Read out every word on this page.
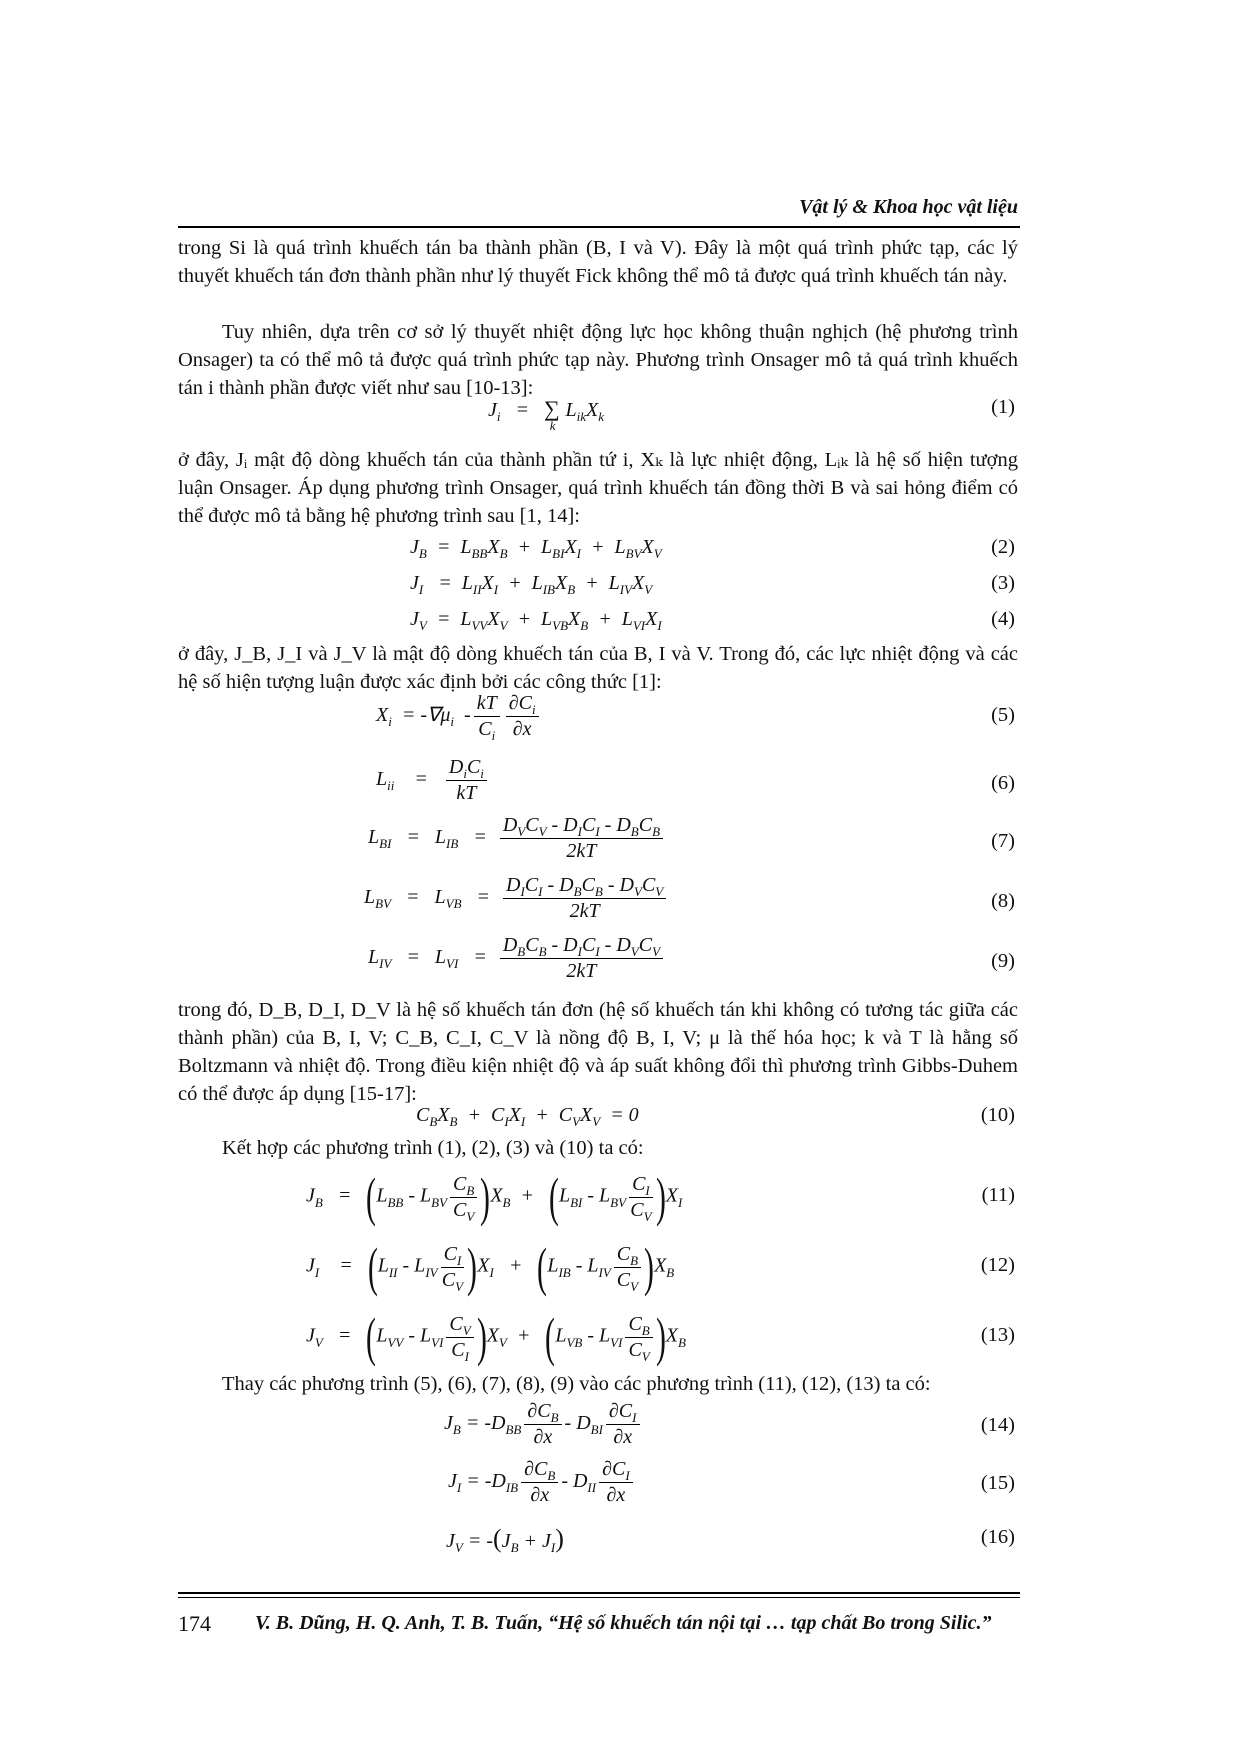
Vật lý & Khoa học vật liệu

trong Si là quá trình khuếch tán ba thành phần (B, I và V). Đây là một quá trình phức tạp, các lý thuyết khuếch tán đơn thành phần như lý thuyết Fick không thể mô tả được quá trình khuếch tán này.

Tuy nhiên, dựa trên cơ sở lý thuyết nhiệt động lực học không thuận nghịch (hệ phương trình Onsager) ta có thể mô tả được quá trình phức tạp này. Phương trình Onsager mô tả quá trình khuếch tán i thành phần được viết như sau [10-13]:

$J_i = \sum_kL_{ik}X_k$	(1)

ở đây, Jᵢ mật độ dòng khuếch tán của thành phần tứ i, Xₖ là lực nhiệt động, Lᵢₖ là hệ số hiện tượng luận Onsager. Áp dụng phương trình Onsager, quá trình khuếch tán đồng thời B và sai hỏng điểm có thể được mô tả bằng hệ phương trình sau [1, 14]:

$J_B = L_{BB}X_B + L_{BI}X_I + L_{BV}X_V$	(2)
$J_I = L_{II}X_I + L_{IB}X_B + L_{IV}X_V$	(3)
$J_V = L_{VV}X_V + L_{VB}X_B + L_{VI}X_I$	(4)

ở đây, J_B, J_I và J_V là mật độ dòng khuếch tán của B, I và V. Trong đó, các lực nhiệt động và các hệ số hiện tượng luận được xác định bởi các công thức [1]:

$X_i = -\nabla\mu_i - \frac{kT}{C_i} \frac{\partial C_i}{\partial x}$	(5)
$L_{ii}$    = $\frac{D_iC_i}{kT}$	(6)
$L_{BI} = L_{IB} = \frac{D_VC_V - D_IC_I - D_BC_B}{2kT}$	(7)
$L_{BV} = L_{VB} = \frac{D_IC_I - D_BC_B - D_VC_V}{2kT}$	(8)
$L_{IV} = L_{VI} = \frac{D_BC_B - D_IC_I - D_VC_V}{2kT}$	(9)

trong đó, D_B, D_I, D_V là hệ số khuếch tán đơn (hệ số khuếch tán khi không có tương tác giữa các thành phần) của B, I, V; C_B, C_I, C_V là nồng độ B, I, V; μ là thế hóa học; k và T là hằng số Boltzmann và nhiệt độ. Trong điều kiện nhiệt độ và áp suất không đổi thì phương trình Gibbs-Duhem có thể được áp dụng [15-17]:

$C_BX_B + C_IX_I + C_VX_V = 0$	(10)

Kết hợp các phương trình (1), (2), (3) và (10) ta có:

$J_B = (L_{BB} - L_{BV} \frac{C_B}{C_V} )X_B + (L_{BI} - L_{BV} \frac{C_I}{C_V} )X_I$	(11)
$J_I$    =   $(L_{II} - L_{IV} \frac{C_I}{C_V} )X_I + (L_{IB} - L_{IV} \frac{C_B}{C_V} )X_B$	(12)
$J_V = (L_{VV} - L_{VI} \frac{C_V}{C_I} )X_V + (L_{VB} - L_{VI} \frac{C_B}{C_V} )X_B$	(13)

Thay các phương trình (5), (6), (7), (8), (9) vào các phương trình (11), (12), (13) ta có:

$J_B = -D_{BB} \frac{\partial C_B}{\partial x} - D_{BI} \frac{\partial C_I}{\partial x}$	(14)
$J_I = -D_{IB} \frac{\partial C_B}{\partial x} - D_{II} \frac{\partial C_I}{\partial x}$	(15)
$J_V = -(J_B + J_I)$	(16)
174 V. B. Dũng, H. Q. Anh, T. B. Tuấn, “Hệ số khuếch tán nội tại … tạp chất Bo trong Silic.”
